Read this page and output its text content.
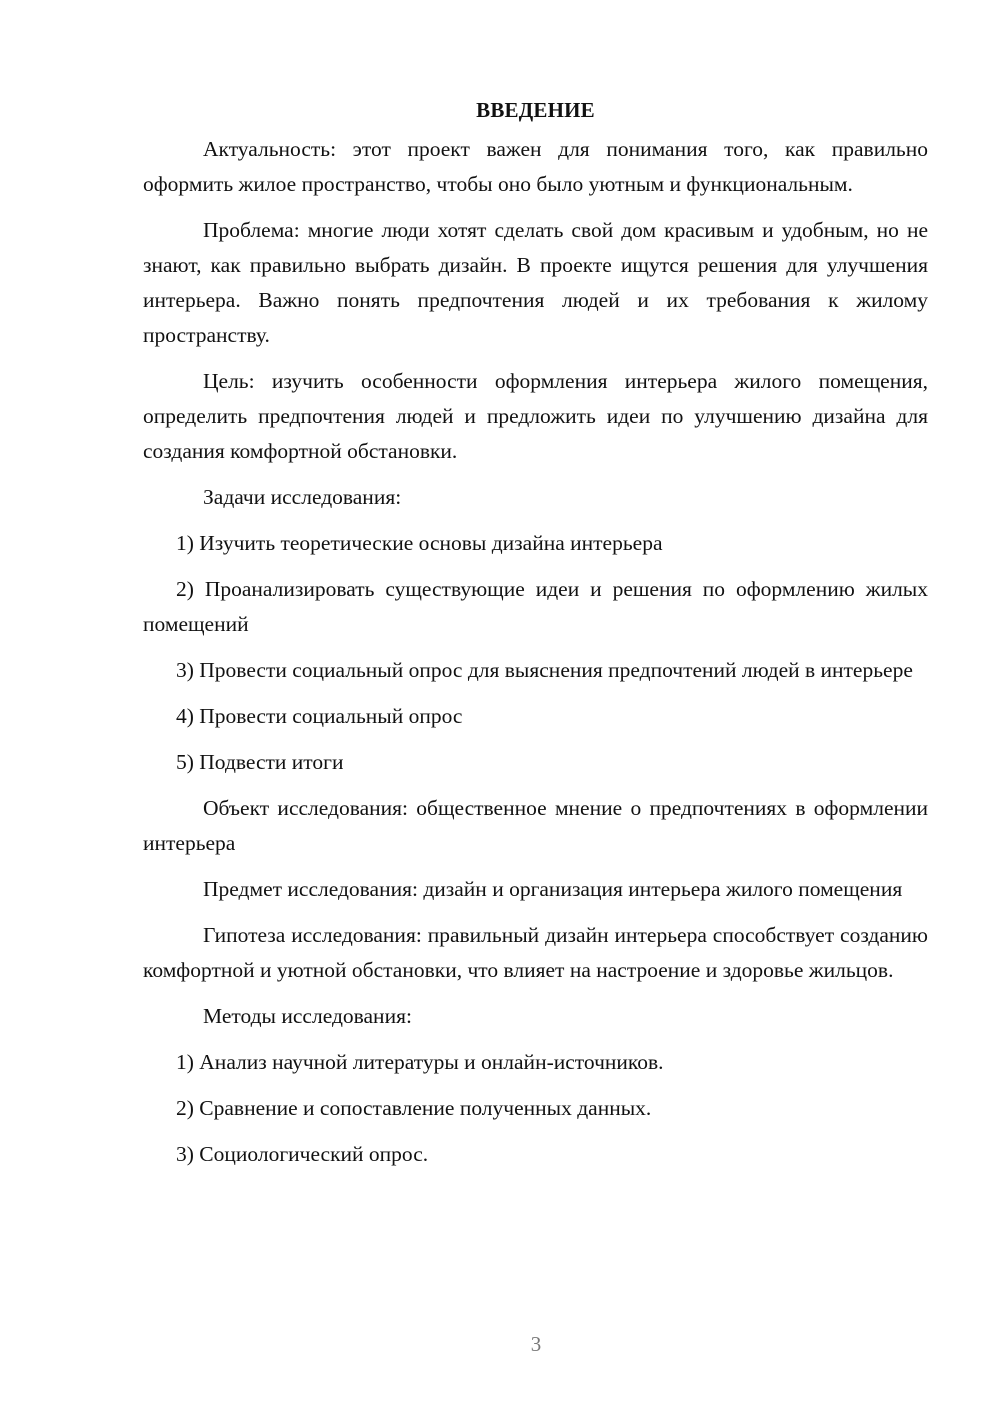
ВВЕДЕНИЕ

Актуальность: этот проект важен для понимания того, как правильно оформить жилое пространство, чтобы оно было уютным и функциональным.

Проблема: многие люди хотят сделать свой дом красивым и удобным, но не знают, как правильно выбрать дизайн. В проекте ищутся решения для улучшения интерьера. Важно понять предпочтения людей и их требования к жилому пространству.

Цель: изучить особенности оформления интерьера жилого помещения, определить предпочтения людей и предложить идеи по улучшению дизайна для создания комфортной обстановки.

Задачи исследования:

1) Изучить теоретические основы дизайна интерьера

2) Проанализировать существующие идеи и решения по оформлению жилых помещений

3) Провести социальный опрос для выяснения предпочтений людей в интерьере

4) Провести социальный опрос

5) Подвести итоги

Объект исследования: общественное мнение о предпочтениях в оформлении интерьера

Предмет исследования: дизайн и организация интерьера жилого помещения

Гипотеза исследования: правильный дизайн интерьера способствует созданию комфортной и уютной обстановки, что влияет на настроение и здоровье жильцов.

Методы исследования:

1) Анализ научной литературы и онлайн-источников.

2) Сравнение и сопоставление полученных данных.

3) Социологический опрос.

3
